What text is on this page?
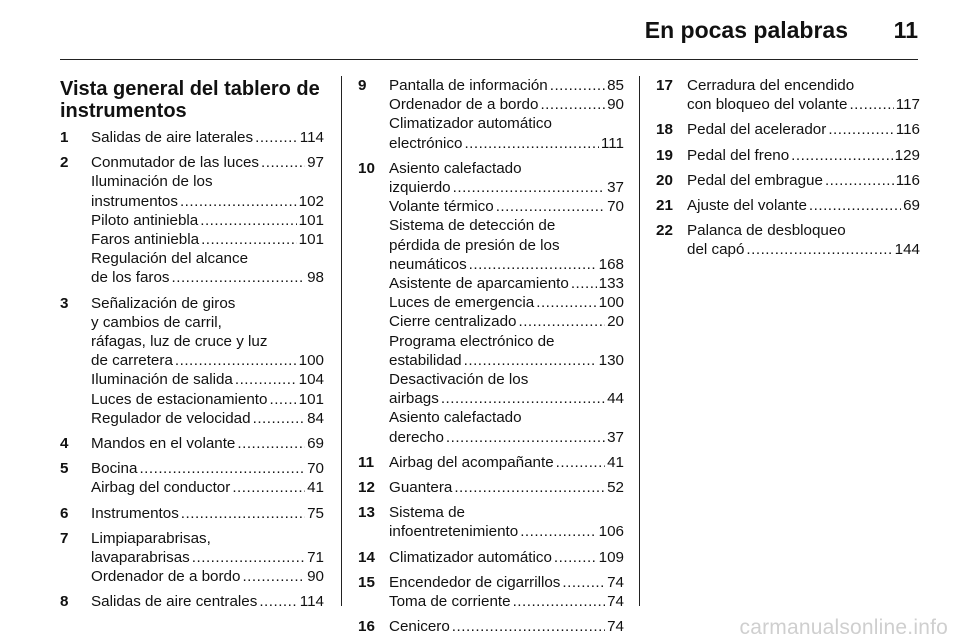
En pocas palabras 11
Vista general del tablero de
instrumentos
1	Salidas de aire laterales .....	114
2	Conmutador de las luces .....	97
Iluminación de los
instrumentos .....	102
Piloto antiniebla .....	101
Faros antiniebla .....	101
Regulación del alcance
de los faros .....	98
3	Señalización de giros
y cambios de carril,
ráfagas, luz de cruce y luz
de carretera .....	100
Iluminación de salida .....	104
Luces de estacionamiento ..... 101
Regulador de velocidad .....	84
4	Mandos en el volante .....	69
5	Bocina .....	70
Airbag del conductor .....	41
6	Instrumentos .....	75
7	Limpiaparabrisas,
lavaparabrisas .....	71
Ordenador de a bordo .....	90
8	Salidas de aire centrales .....	114
9	Pantalla de información .....	85
Ordenador de a bordo .....	90
Climatizador automático
electrónico .....	111
10 Asiento calefactado
izquierdo .....	37
Volante térmico .....	70
Sistema de detección de
pérdida de presión de los
neumáticos .....	168
Asistente de aparcamiento ..... 133
Luces de emergencia .....	100
Cierre centralizado .....	20
Programa electrónico de
estabilidad .....	130
Desactivación de los
airbags .....	44
Asiento calefactado
derecho .....	37
11 Airbag del acompañante .....	41
12 Guantera .....	52
13 Sistema de
infoentretenimiento .....	106
14 Climatizador automático .....	109
15 Encendedor de cigarrillos .....	74
Toma de corriente .....	74
16 Cenicero .....	74
17 Cerradura del encendido
con bloqueo del volante .....	117
18 Pedal del acelerador .....	116
19 Pedal del freno .....	129
20 Pedal del embrague .....	116
21 Ajuste del volante .....	69
22 Palanca de desbloqueo
del capó .....	144
carmanualsonline.info
